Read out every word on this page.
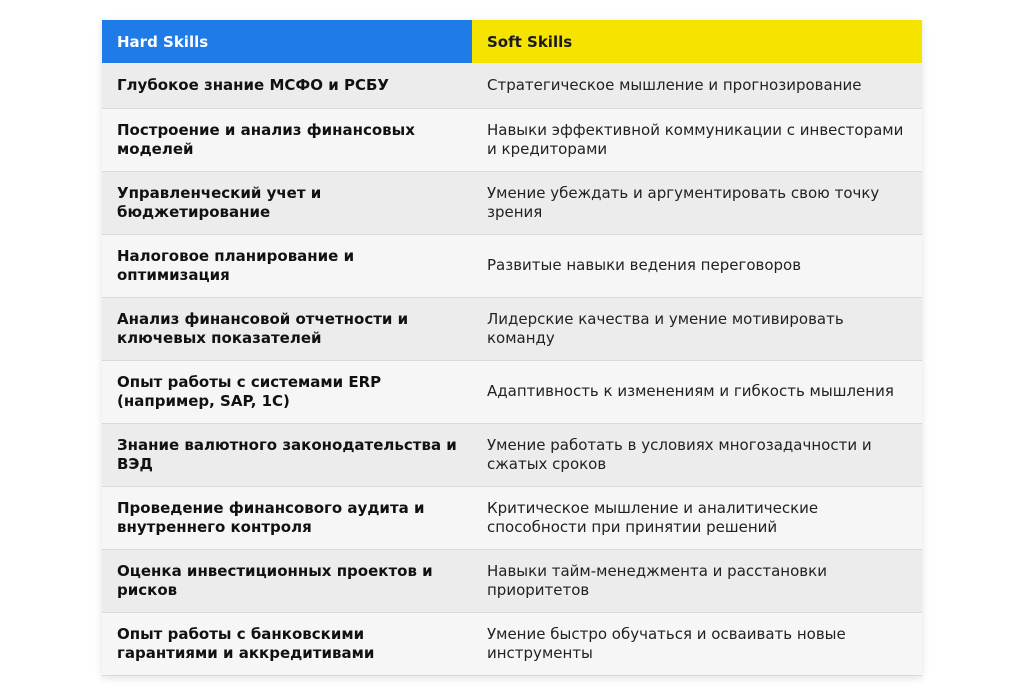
Hard Skills	Soft Skills
Глубокое знание МСФО и РСБУ	Стратегическое мышление и прогнозирование
Построение и анализ финансовых моделей	Навыки эффективной коммуникации с инвесторами и кредиторами
Управленческий учет и бюджетирование	Умение убеждать и аргументировать свою точку зрения
Налоговое планирование и оптимизация	Развитые навыки ведения переговоров
Анализ финансовой отчетности и ключевых показателей	Лидерские качества и умение мотивировать команду
Опыт работы с системами ERP (например, SAP, 1С)	Адаптивность к изменениям и гибкость мышления
Знание валютного законодательства и ВЭД	Умение работать в условиях многозадачности и сжатых сроков
Проведение финансового аудита и внутреннего контроля	Критическое мышление и аналитические способности при принятии решений
Оценка инвестиционных проектов и рисков	Навыки тайм-менеджмента и расстановки приоритетов
Опыт работы с банковскими гарантиями и аккредитивами	Умение быстро обучаться и осваивать новые инструменты
